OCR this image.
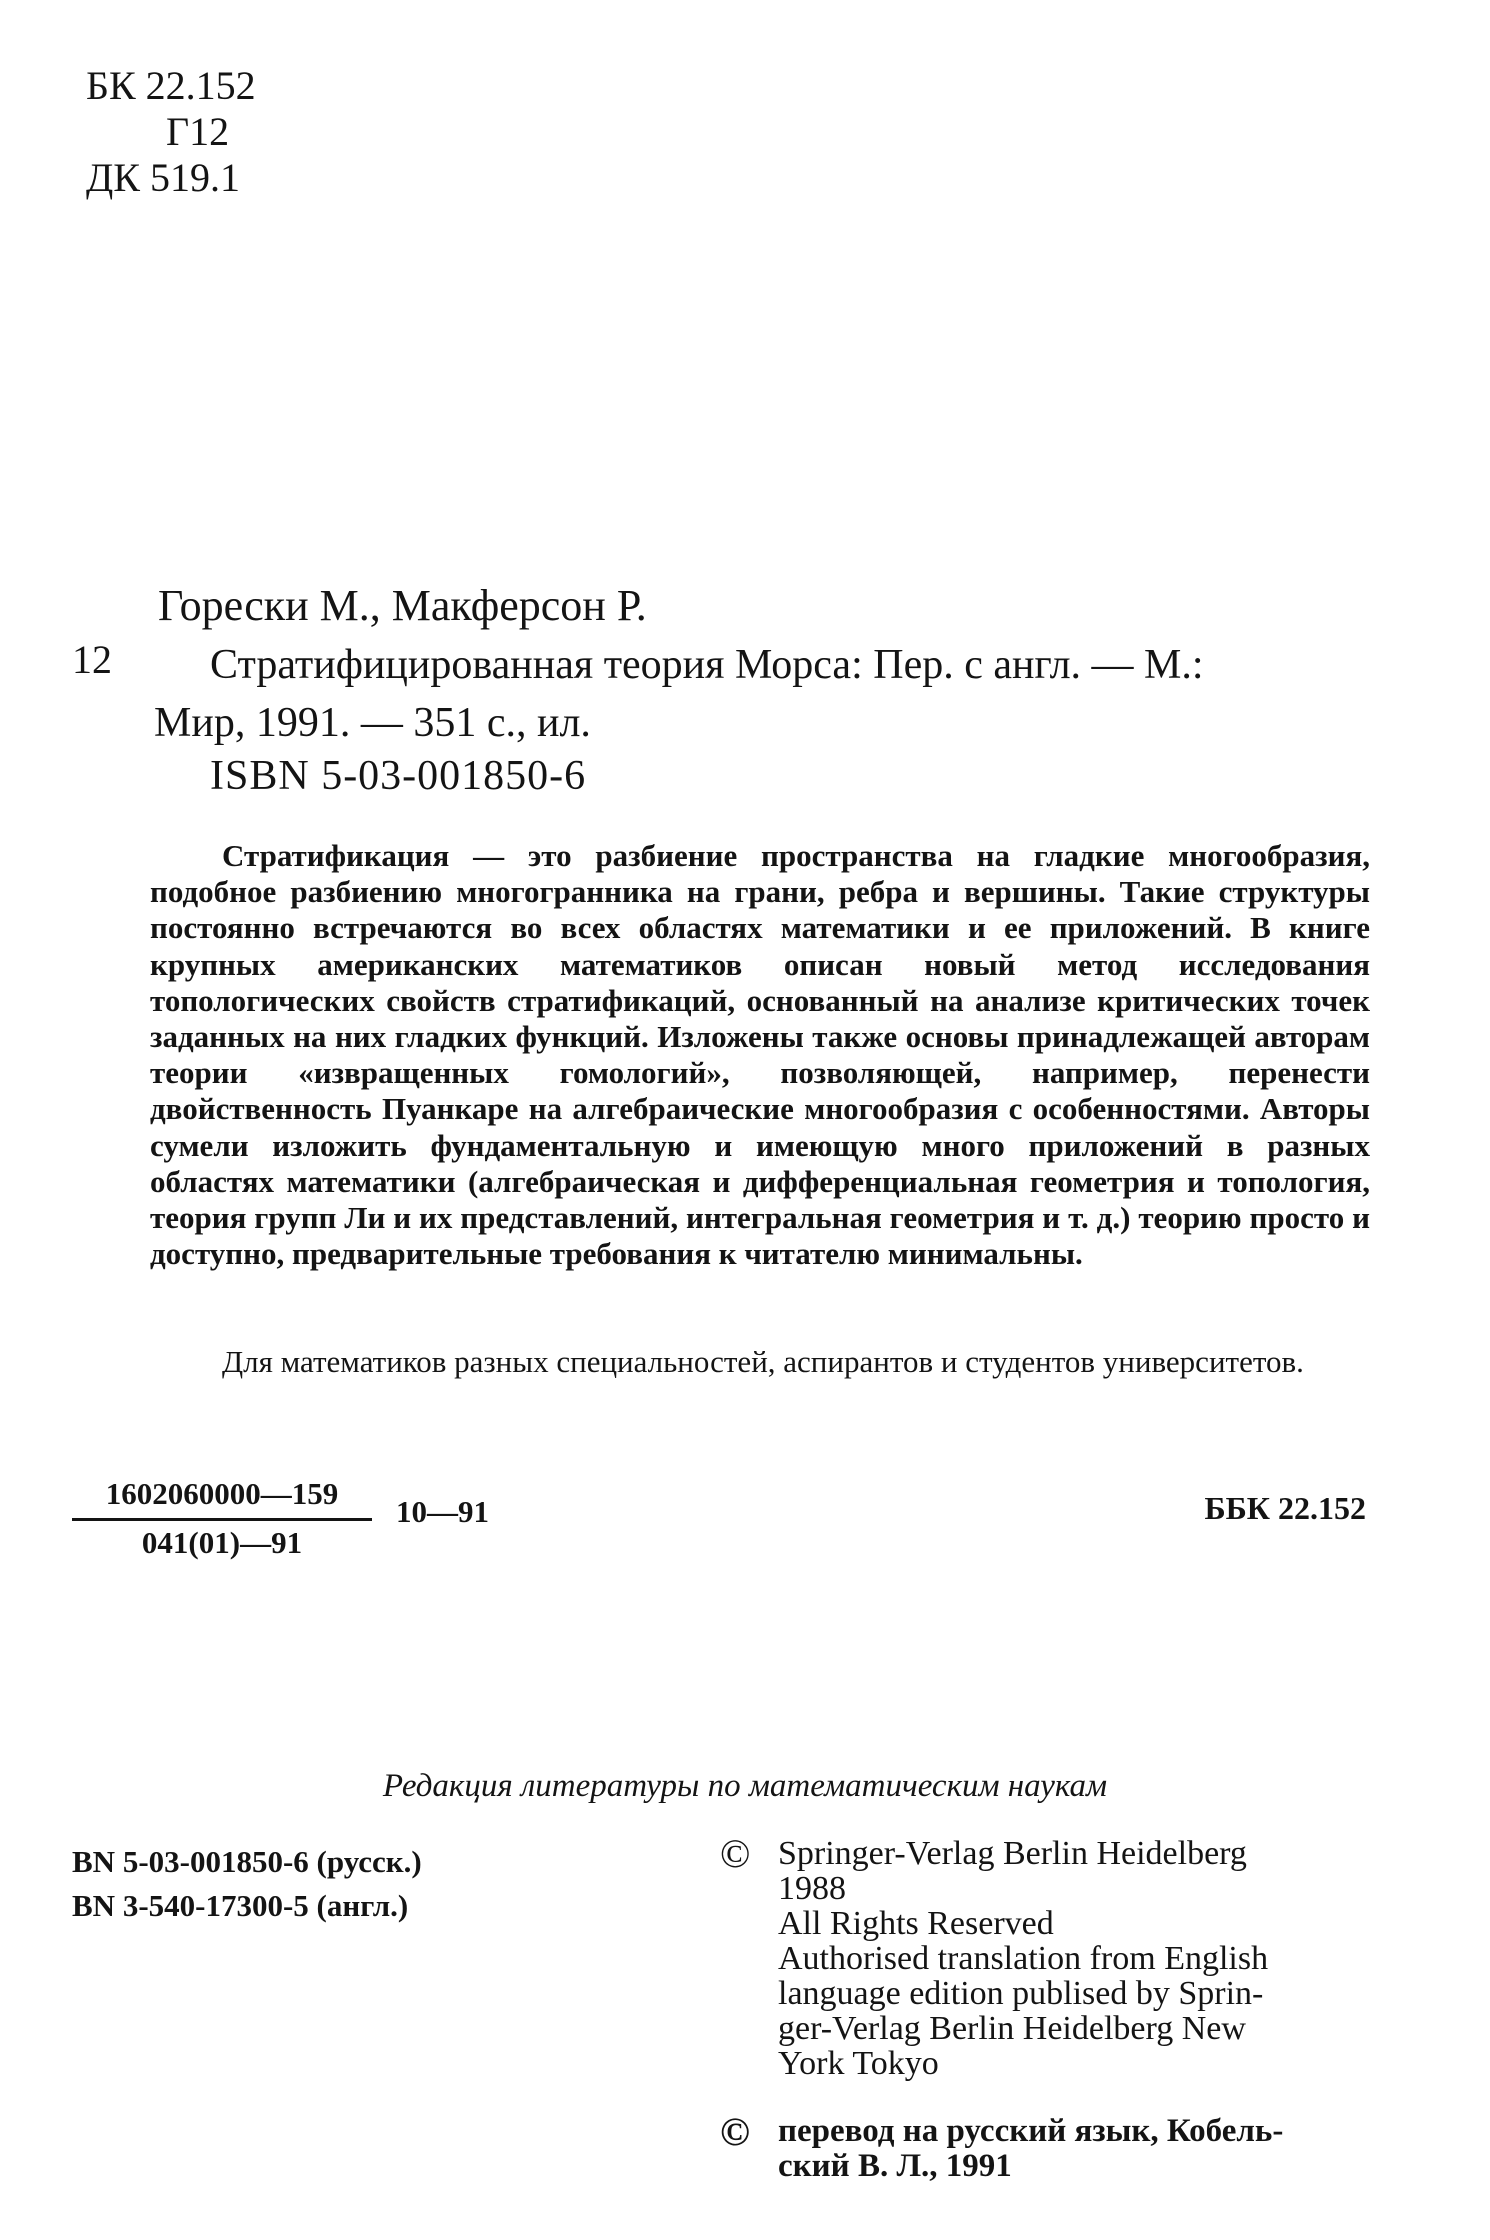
БК 22.152
Г12
ДК 519.1
Горески М., Макферсон Р.
12 Стратифицированная теория Морса: Пер. с англ. — М.:
Мир, 1991. — 351 с., ил.
ISBN 5-03-001850-6
Стратификация — это разбиение пространства на гладкие многообразия, подобное разбиению многогранника на грани, ребра и вершины. Такие структуры постоянно встречаются во всех областях математики и ее приложений. В книге крупных американских математиков описан новый метод исследования топологических свойств стратификаций, основанный на анализе критических точек заданных на них гладких функций. Изложены также основы принадлежащей авторам теории «извращенных гомологий», позволяющей, например, перенести двойственность Пуанкаре на алгебраические многообразия с особенностями. Авторы сумели изложить фундаментальную и имеющую много приложений в разных областях математики (алгебраическая и дифференциальная геометрия и топология, теория групп Ли и их представлений, интегральная геометрия и т. д.) теорию просто и доступно, предварительные требования к читателю минимальны.
Для математиков разных специальностей, аспирантов и студентов университетов.
1602060000—159
041(01)—91
10—91	ББК 22.152
Редакция литературы по математическим наукам
BN 5-03-001850-6 (русск.)
BN 3-540-17300-5 (англ.)
© Springer-Verlag Berlin Heidelberg
1988
All Rights Reserved
Authorised translation from English
language edition publised by Sprin-
ger-Verlag Berlin Heidelberg New
York Tokyo
© перевод на русский язык, Кобель-
ский В. Л., 1991
